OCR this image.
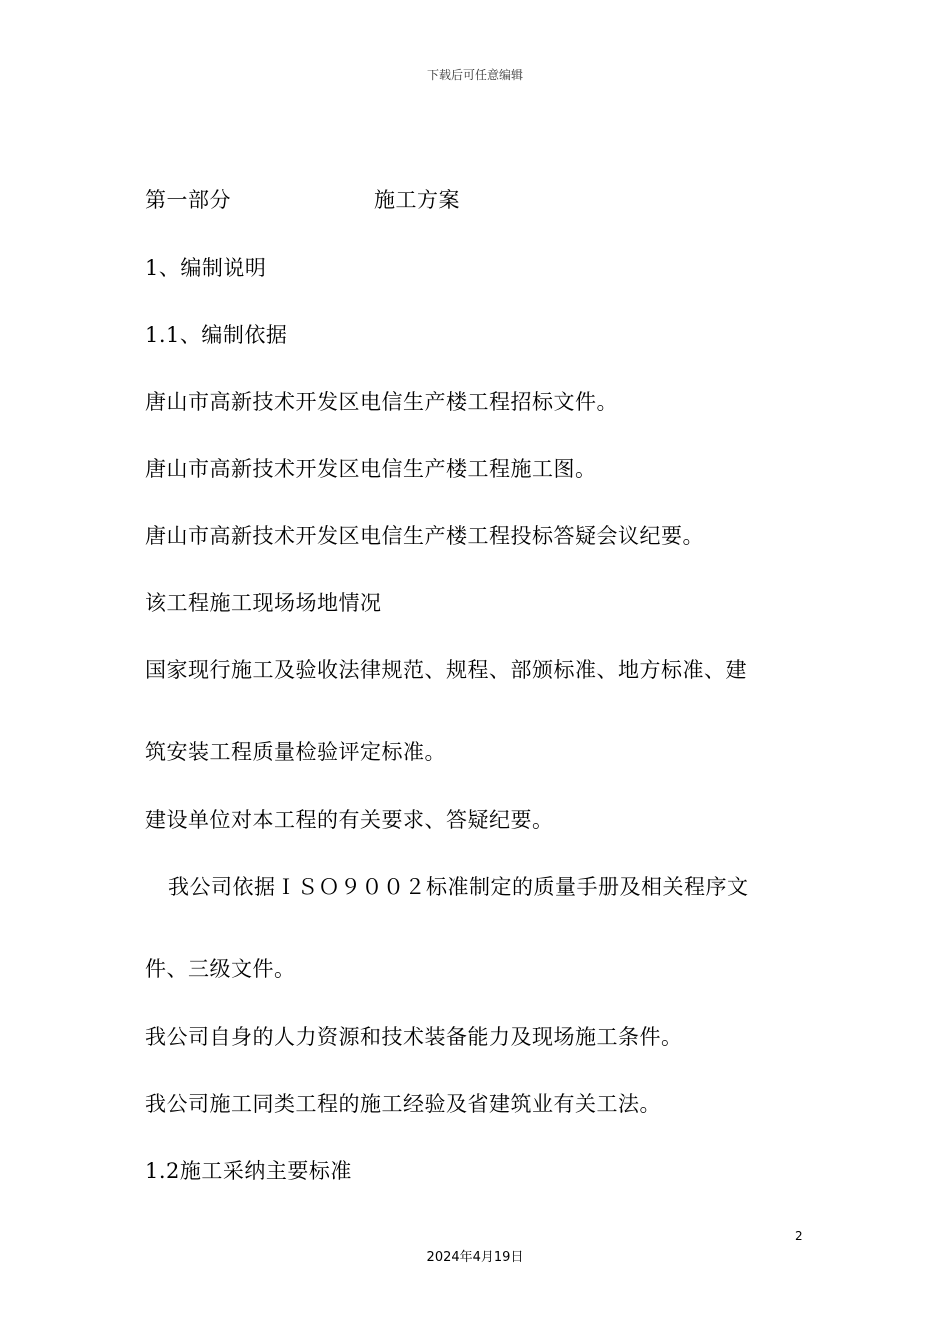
下载后可任意编辑
第一部分	施工方案
1、编制说明
1.1、编制依据
唐山市高新技术开发区电信生产楼工程招标文件。
唐山市高新技术开发区电信生产楼工程施工图。
唐山市高新技术开发区电信生产楼工程投标答疑会议纪要。
该工程施工现场场地情况
国家现行施工及验收法律规范、规程、部颁标准、地方标准、建
筑安装工程质量检验评定标准。
建设单位对本工程的有关要求、答疑纪要。
我公司依据ＩＳＯ９００２标准制定的质量手册及相关程序文
件、三级文件。
我公司自身的人力资源和技术装备能力及现场施工条件。
我公司施工同类工程的施工经验及省建筑业有关工法。
1.2施工采纳主要标准
2
2024年4月19日
